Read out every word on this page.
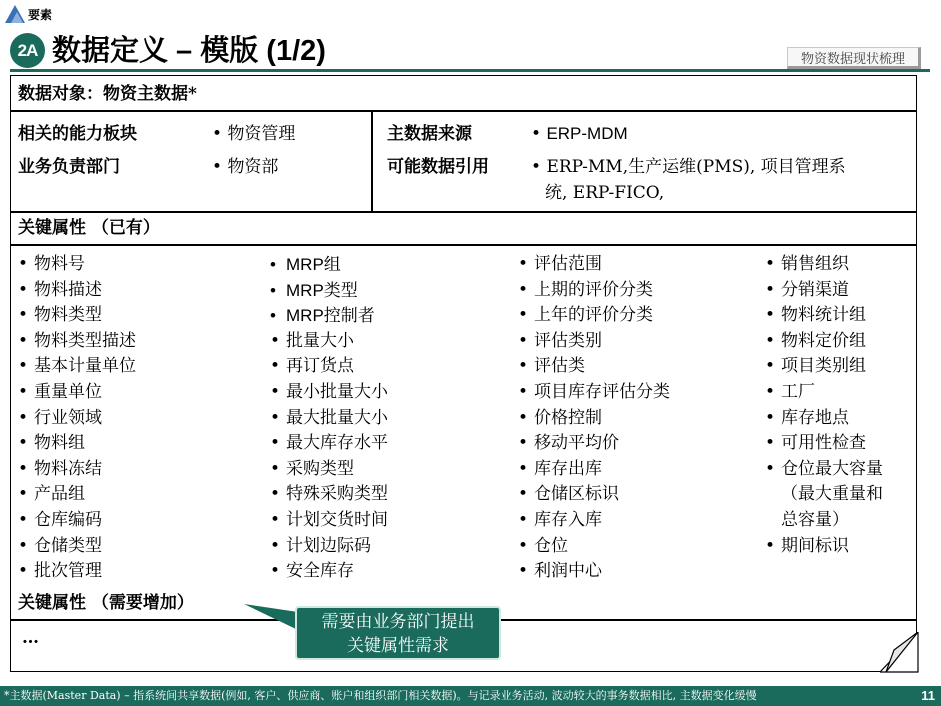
要素
2A 数据定义 – 模版 (1/2)	物资数据现状梳理
数据对象：物资主数据*
相关的能力板块
业务负责部门
• 物资管理
• 物资部
主数据来源
可能数据引用
• ERP-MDM
• ERP-MM,生产运维(PMS), 项目管理系
统, ERP-FICO,
关键属性 （已有）
• 物料号
• 物料描述
• 物料类型
• 物料类型描述
• 基本计量单位
• 重量单位
• 行业领域
• 物料组
• 物料冻结
• 产品组
• 仓库编码
• 仓储类型
• 批次管理
• MRP组
• MRP类型
• MRP控制者
• 批量大小
• 再订货点
• 最小批量大小
• 最大批量大小
• 最大库存水平
• 采购类型
• 特殊采购类型
• 计划交货时间
• 计划边际码
• 安全库存
• 评估范围
• 上期的评价分类
• 上年的评价分类
• 评估类别
• 评估类
• 项目库存评估分类
• 价格控制
• 移动平均价
• 库存出库
• 仓储区标识
• 库存入库
• 仓位
• 利润中心
• 销售组织
• 分销渠道
• 物料统计组
• 物料定价组
• 项目类别组
• 工厂
• 库存地点
• 可用性检查
• 仓位最大容量
（最大重量和
总容量）
• 期间标识
关键属性 （需要增加）
…
需要由业务部门提出
关键属性需求
*主数据(Master Data) – 指系统间共享数据(例如, 客户、供应商、账户和组织部门相关数据)。与记录业务活动, 波动较大的事务数据相比, 主数据变化缓慢	11
